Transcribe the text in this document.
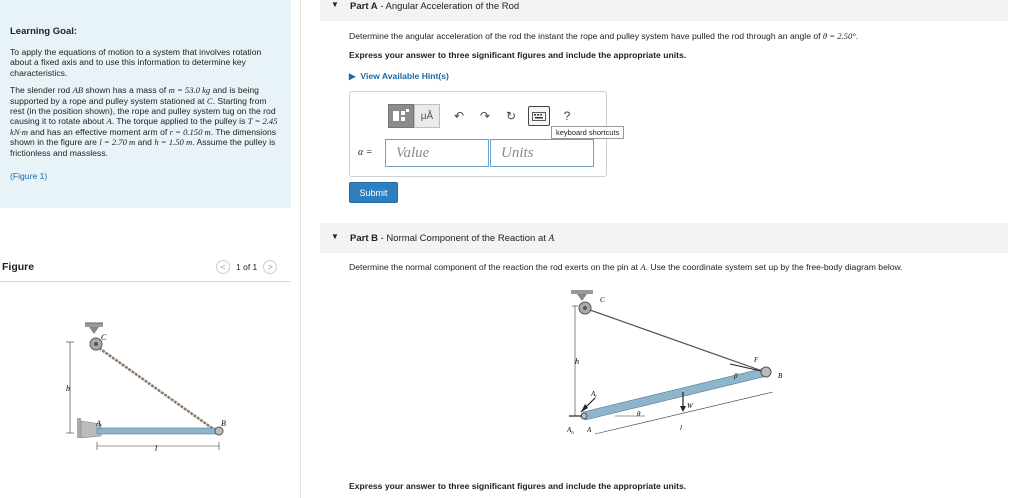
Learning Goal:
To apply the equations of motion to a system that involves rotation about a fixed axis and to use this information to determine key characteristics.
The slender rod AB shown has a mass of m = 53.0 kg and is being supported by a rope and pulley system stationed at C. Starting from rest (in the position shown), the rope and pulley system tug on the rod causing it to rotate about A. The torque applied to the pulley is T = 2.45 kN·m and has an effective moment arm of r = 0.150 m. The dimensions shown in the figure are l = 2.70 m and h = 1.50 m. Assume the pulley is frictionless and massless.
(Figure 1)
Figure	<	1 of 1	>
h
l
C
A	B
▼ Part A - Angular Acceleration of the Rod
Determine the angular acceleration of the rod the instant the rope and pulley system have pulled the rod through an angle of θ = 2.50°.
Express your answer to three significant figures and include the appropriate units.
▶  View Available Hint(s)
μÅ	↶	↷	↻	?
keyboard shortcuts
α =	Value	Units
Submit
▼ Part B - Normal Component of the Reaction at A
Determine the normal component of the reaction the rod exerts on the pin at A. Use the coordinate system set up by the free-body diagram below.
h
$A_t$
$A_n$ A
θ
W
F
β	B
C
l
Express your answer to three significant figures and include the appropriate units.
